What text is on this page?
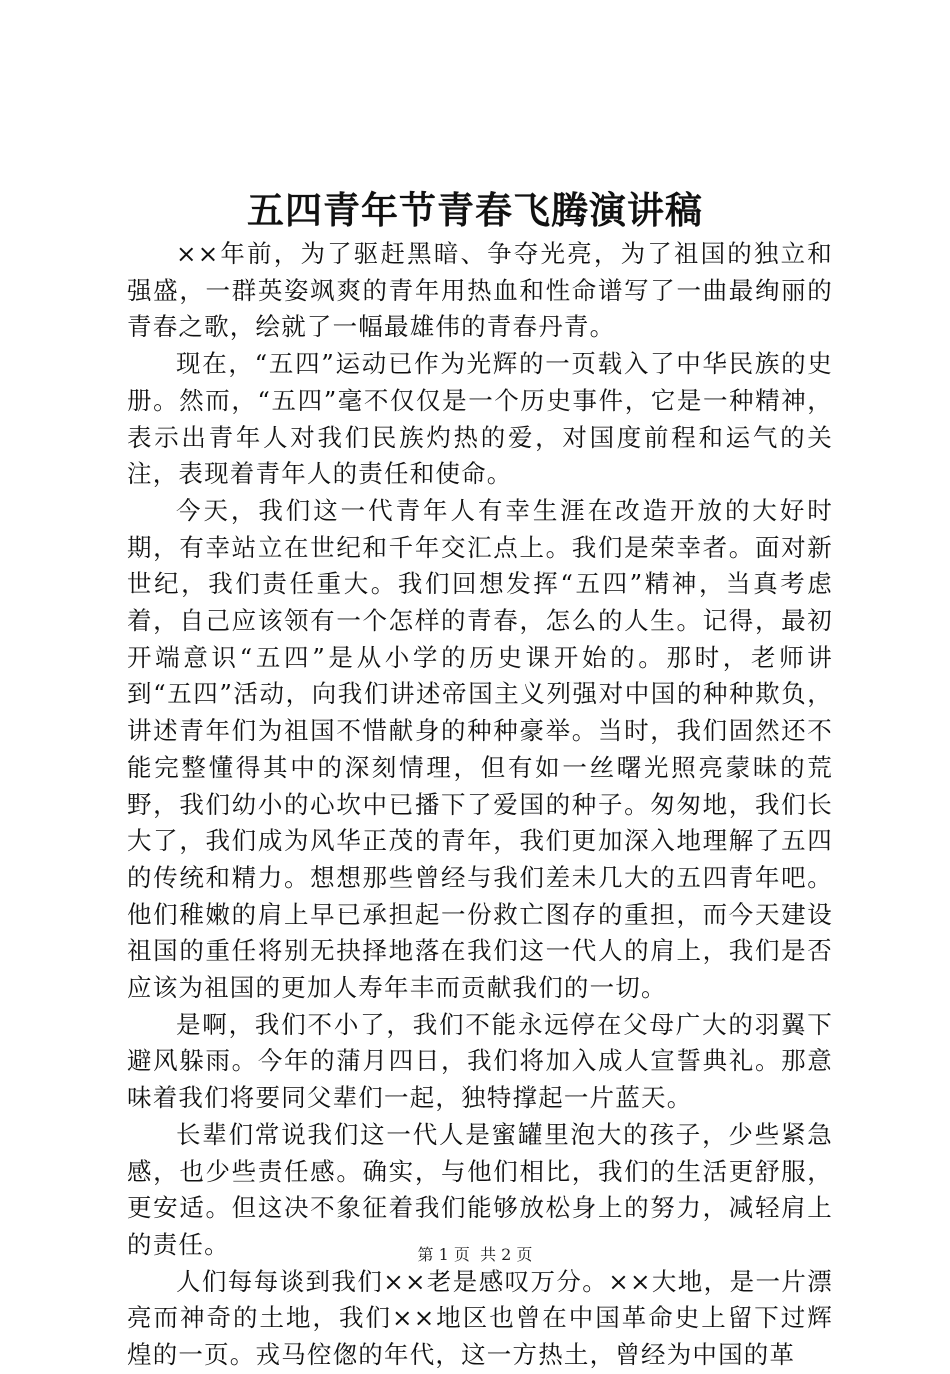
五四青年节青春飞腾演讲稿

××年前，为了驱赶黑暗、争夺光亮，为了祖国的独立和强盛，一群英姿飒爽的青年用热血和性命谱写了一曲最绚丽的青春之歌，绘就了一幅最雄伟的青春丹青。

现在，“五四”运动已作为光辉的一页载入了中华民族的史册。然而，“五四”毫不仅仅是一个历史事件，它是一种精神，表示出青年人对我们民族灼热的爱，对国度前程和运气的关注，表现着青年人的责任和使命。

今天，我们这一代青年人有幸生涯在改造开放的大好时期，有幸站立在世纪和千年交汇点上。我们是荣幸者。面对新世纪，我们责任重大。我们回想发挥“五四”精神，当真考虑着，自己应该领有一个怎样的青春，怎么的人生。记得，最初开端意识“五四”是从小学的历史课开始的。那时，老师讲到“五四”活动，向我们讲述帝国主义列强对中国的种种欺负，讲述青年们为祖国不惜献身的种种豪举。当时，我们固然还不能完整懂得其中的深刻情理，但有如一丝曙光照亮蒙昧的荒野，我们幼小的心坎中已播下了爱国的种子。匆匆地，我们长大了，我们成为风华正茂的青年，我们更加深入地理解了五四的传统和精力。想想那些曾经与我们差未几大的五四青年吧。他们稚嫩的肩上早已承担起一份救亡图存的重担，而今天建设祖国的重任将别无抉择地落在我们这一代人的肩上，我们是否应该为祖国的更加人寿年丰而贡献我们的一切。

是啊，我们不小了，我们不能永远停在父母广大的羽翼下避风躲雨。今年的蒲月四日，我们将加入成人宣誓典礼。那意味着我们将要同父辈们一起，独特撑起一片蓝天。

长辈们常说我们这一代人是蜜罐里泡大的孩子，少些紧急感，也少些责任感。确实，与他们相比，我们的生活更舒服，更安适。但这决不象征着我们能够放松身上的努力，减轻肩上的责任。

人们每每谈到我们××老是感叹万分。××大地，是一片漂亮而神奇的土地，我们××地区也曾在中国革命史上留下过辉煌的一页。戎马倥偬的年代，这一方热土，曾经为中国的革

第 1 页  共 2 页
